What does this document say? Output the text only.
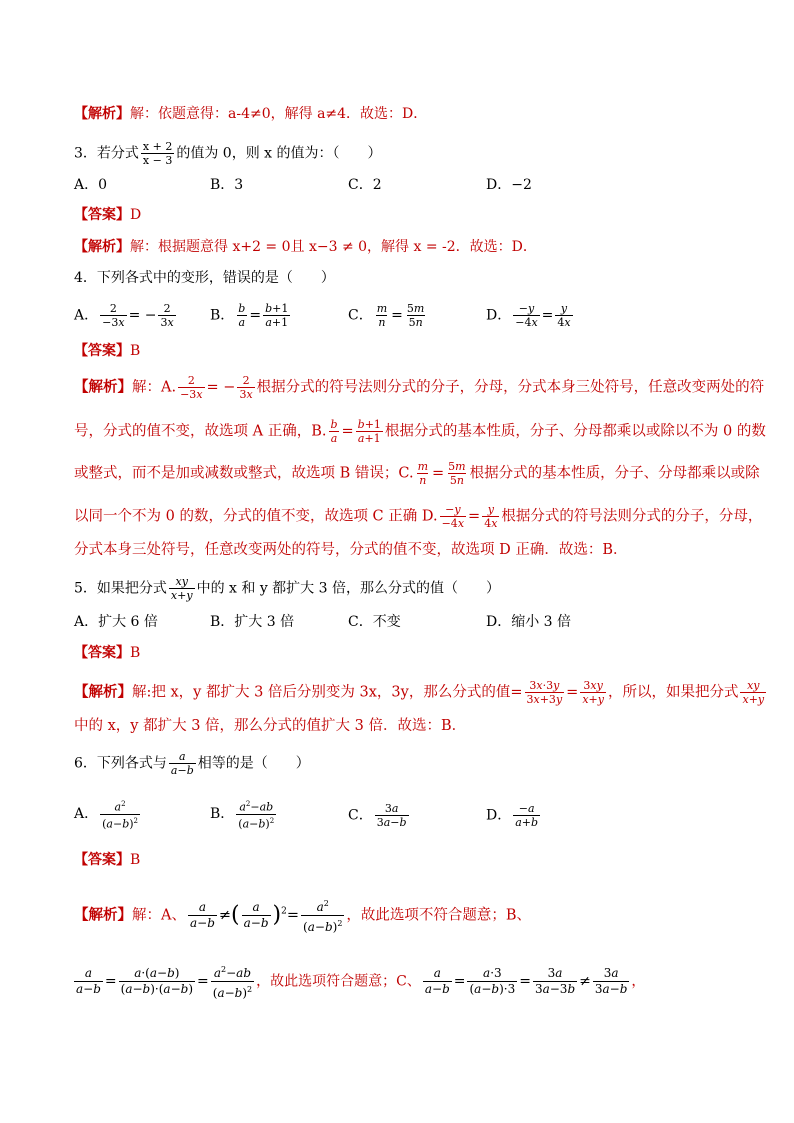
【解析】解：依题意得：a-4≠0，解得 a≠4．故选：D．
3．若分式 $\frac{x + 2}{x - 3}$ 的值为 0，则 x 的值为：（　　）
A．0	B．3	C．2	D．−2
【答案】D
【解析】解：根据题意得 x+2 = 0且 x−3 ≠ 0，解得 x = -2．故选：D．
4．下列各式中的变形，错误的是（　　）
A． $\frac{2}{-3x}$ = − $\frac{2}{3x}$ B． $\frac{b}{a} = \frac{b+1}{a+1}$	C． $\frac{m}{n} = \frac{5m}{5n}$	D． $\frac{-y}{-4x} = \frac{y}{4x}$
【答案】B
【解析】解：A. $\frac{2}{-3x}$ = − $\frac{2}{3x}$ 根据分式的符号法则分式的分子，分母，分式本身三处符号，任意改变两处的符
号，分式的值不变，故选项 A 正确，B. $\frac{b}{a} = \frac{b+1}{a+1}$ 根据分式的基本性质，分子、分母都乘以或除以不为 0 的数
或整式，而不是加或减数或整式，故选项 B 错误；C. $\frac{m}{n} = \frac{5m}{5n}$ 根据分式的基本性质，分子、分母都乘以或除
以同一个不为 0 的数，分式的值不变，故选项 C 正确 D. $\frac{-y}{-4x} = \frac{y}{4x}$ 根据分式的符号法则分式的分子，分母，
分式本身三处符号，任意改变两处的符号，分式的值不变，故选项 D 正确．故选：B．
5．如果把分式 $\frac{xy}{x+y}$ 中的 x 和 y 都扩大 3 倍，那么分式的值（　　）
A．扩大 6 倍	B．扩大 3 倍	C．不变	D．缩小 3 倍
【答案】B
【解析】解:把 x，y 都扩大 3 倍后分别变为 3x，3y，那么分式的值= $\frac{3x\cdot 3y}{3x+3y} = \frac{3xy}{x+y}$ ，所以，如果把分式 $\frac{xy}{x+y}$
中的 x，y 都扩大 3 倍，那么分式的值扩大 3 倍．故选：B．
6．下列各式与 $\frac{a}{a-b}$ 相等的是（　　）
A． $\frac{a^2}{(a-b)^2}$	B． $\frac{a^2-ab}{(a-b)^2}$	C． $\frac{3a}{3a-b}$	D． $\frac{-a}{a+b}$
【答案】B
【解析】解：A、 $\frac{a}{a-b}$ ≠( $\frac{a}{a-b} )^2= \frac{a^2}{(a-b)^2}$ ，故此选项不符合题意；B、
$\frac{a}{a-b} = \frac{a\cdot(a-b)}{(a-b)\cdot(a-b)} = \frac{a^2-ab}{(a-b)^2}$ ，故此选项符合题意；C、 $\frac{a}{a-b} = \frac{a\cdot 3}{(a-b)\cdot 3} = \frac{3a}{3a-3b} \ne \frac{3a}{3a-b}$ ，
